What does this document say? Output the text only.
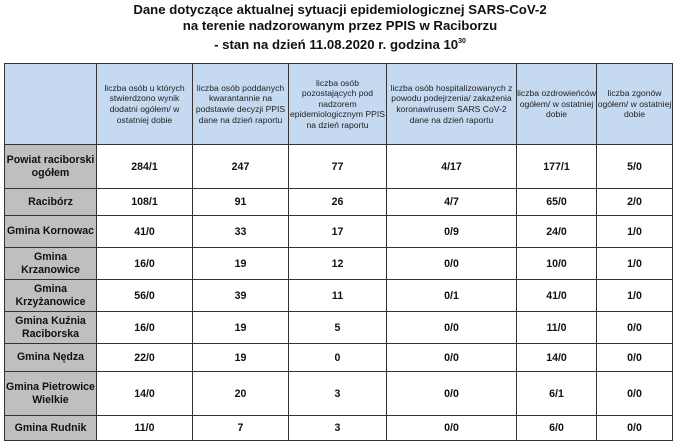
Dane dotyczące aktualnej sytuacji epidemiologicznej SARS-CoV-2
na terenie nadzorowanym przez PPIS w Raciborzu
- stan na dzień 11.08.2020 r. godzina $10^{30}$
	liczba osób u których stwierdzono wynik dodatni ogółem/ w ostatniej dobie	liczba osób poddanych kwarantannie na podstawie decyzji PPIS dane na dzień raportu	liczba osób pozostających pod nadzorem epidemiologicznym PPIS na dzień raportu	liczba osób hospitalizowanych z powodu podejrzenia/ zakażenia koronawirusem SARS CoV-2 dane na dzień raportu	liczba ozdrowieńców ogółem/ w ostatniej dobie	liczba zgonów ogółem/ w ostatniej dobie
Powiat raciborski ogółem	284/1	247	77	4/17	177/1	5/0
Racibórz	108/1	91	26	4/7	65/0	2/0
Gmina Kornowac	41/0	33	17	0/9	24/0	1/0
Gmina Krzanowice	16/0	19	12	0/0	10/0	1/0
Gmina Krzyżanowice	56/0	39	11	0/1	41/0	1/0
Gmina Kuźnia Raciborska	16/0	19	5	0/0	11/0	0/0
Gmina Nędza	22/0	19	0	0/0	14/0	0/0
Gmina Pietrowice Wielkie	14/0	20	3	0/0	6/1	0/0
Gmina Rudnik	11/0	7	3	0/0	6/0	0/0
